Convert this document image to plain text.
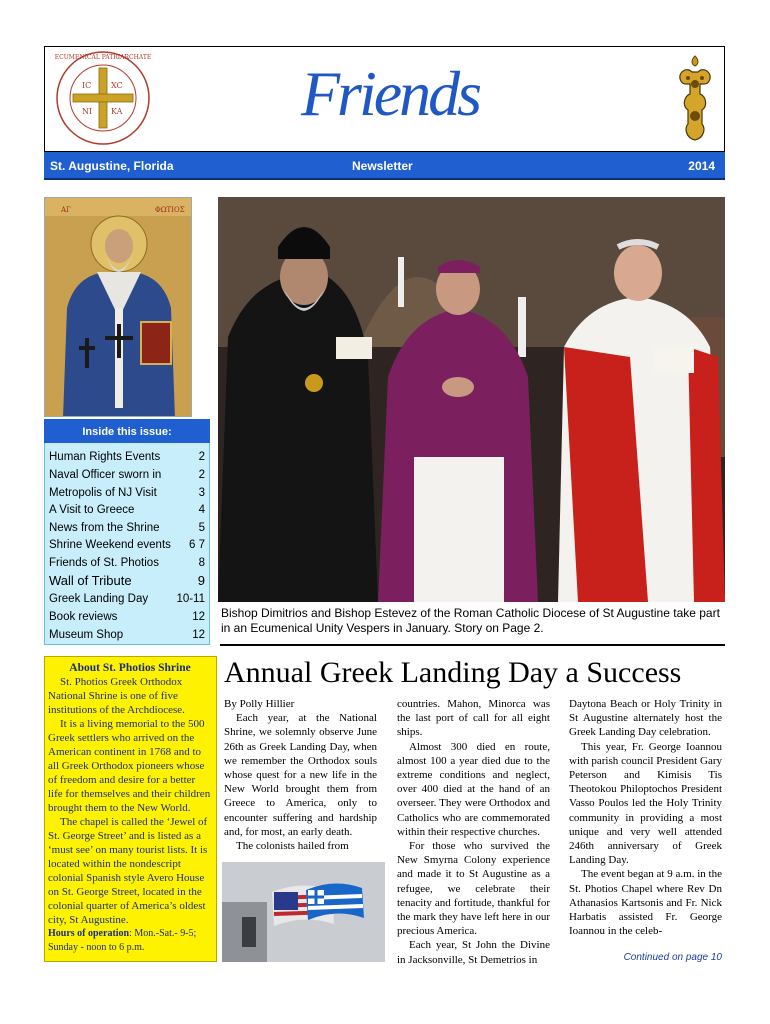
ECUMENICAL PATRIARCHATE
IC XC
NI KA	Friends
St. Augustine, Florida	Newsletter	2014
ΑΓ	ΦΩΤΙΟΣ
Inside this issue:
Human Rights Events	2
Naval Officer sworn in	2
Metropolis of NJ Visit	3
A Visit to Greece	4
News from the Shrine	5
Shrine Weekend events 6 7
Friends of St. Photios	8
Wall of Tribute	9
Greek Landing Day 10-11
Book reviews	12
Museum Shop	12
Bishop Dimitrios and Bishop Estevez of the Roman Catholic Diocese of St Augustine take part in an Ecumenical Unity Vespers in January. Story on Page 2.

About St. Photios Shrine

St. Photios Greek Orthodox National Shrine is one of five institutions of the Archdiocese.

It is a living memorial to the 500 Greek settlers who arrived on the American continent in 1768 and to all Greek Orthodox pioneers whose of freedom and desire for a better life for themselves and their children brought them to the New World.

The chapel is called the ‘Jewel of St. George Street’ and is listed as a ‘must see’ on many tourist lists. It is located within the nondescript colonial Spanish style Avero House on St. George Street, located in the colonial quarter of America’s oldest city, St Augustine.

Hours of operation: Mon.-Sat.- 9-5; Sunday - noon to 6 p.m.

Annual Greek Landing Day a Success

By Polly Hillier

Each year, at the National Shrine, we solemnly observe June 26th as Greek Landing Day, when we remember the Orthodox souls whose quest for a new life in the New World brought them from Greece to America, only to encounter suffering and hardship and, for most, an early death.

The colonists hailed from

countries. Mahon, Minorca was the last port of call for all eight ships.

Almost 300 died en route, almost 100 a year died due to the extreme conditions and neglect, over 400 died at the hand of an overseer. They were Orthodox and Catholics who are commemorated within their respective churches.

For those who survived the New Smyrna Colony experience and made it to St Augustine as a refugee, we celebrate their tenacity and fortitude, thankful for the mark they have left here in our precious America.

Each year, St John the Divine in Jacksonville, St Demetrios in

Daytona Beach or Holy Trinity in St Augustine alternately host the Greek Landing Day celebration.

This year, Fr. George Ioannou with parish council President Gary Peterson and Kimisis Tis Theotokou Philoptochos President Vasso Poulos led the Holy Trinity community in providing a most unique and very well attended 246th anniversary of Greek Landing Day.

The event began at 9 a.m. in the St. Photios Chapel where Rev Dn Athanasios Kartsonis and Fr. Nick Harbatis assisted Fr. George Ioannou in the celeb-

Continued on page 10
